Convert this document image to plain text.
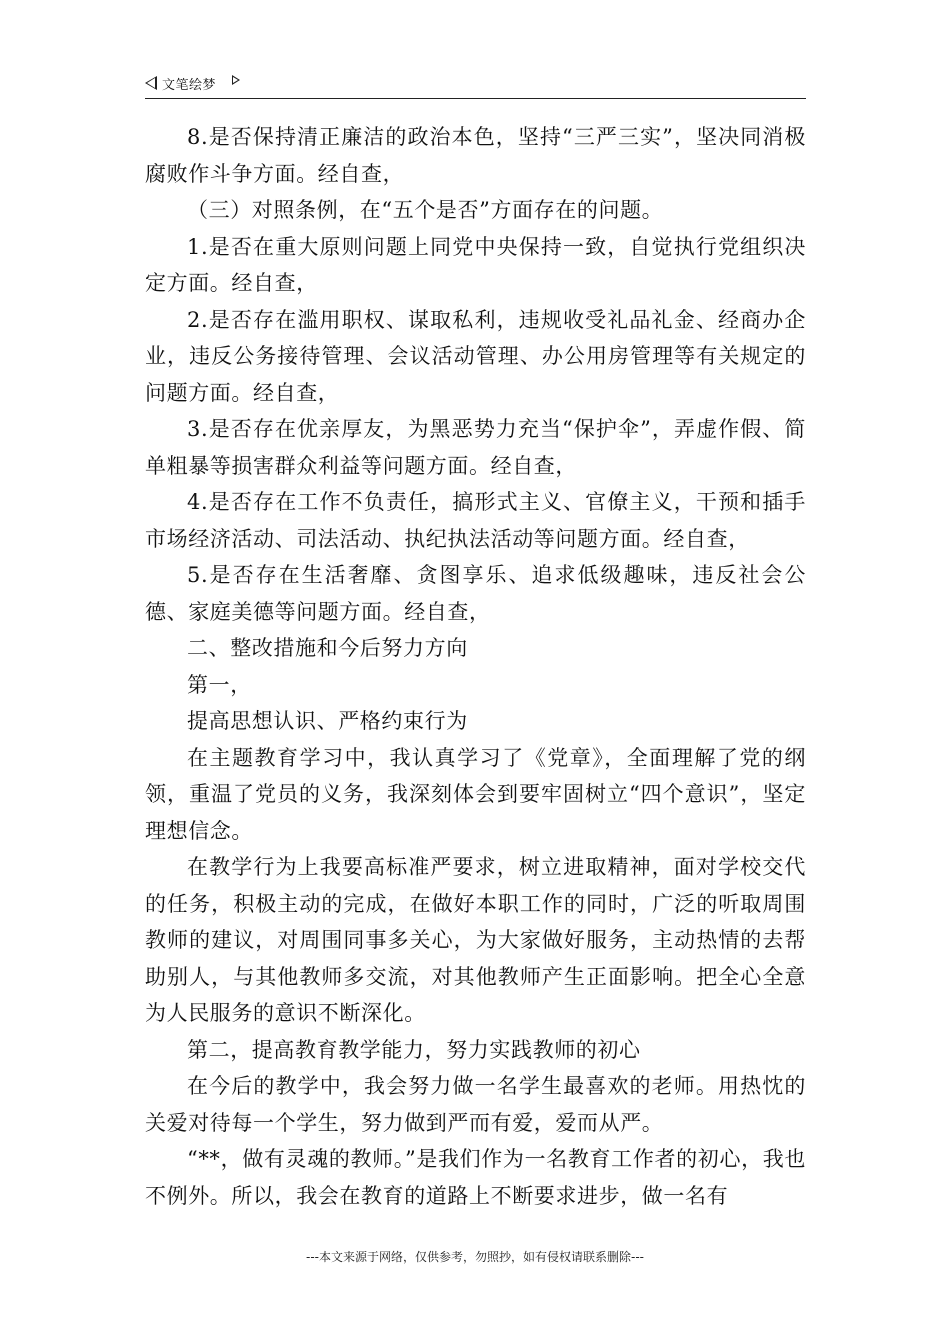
文笔绘梦

8.是否保持清正廉洁的政治本色，坚持“三严三实”，坚决同消极腐败作斗争方面。经自查，

（三）对照条例，在“五个是否”方面存在的问题。

1.是否在重大原则问题上同党中央保持一致，自觉执行党组织决定方面。经自查，

2.是否存在滥用职权、谋取私利，违规收受礼品礼金、经商办企业，违反公务接待管理、会议活动管理、办公用房管理等有关规定的问题方面。经自查，

3.是否存在优亲厚友，为黑恶势力充当“保护伞”，弄虚作假、简单粗暴等损害群众利益等问题方面。经自查，

4.是否存在工作不负责任，搞形式主义、官僚主义，干预和插手市场经济活动、司法活动、执纪执法活动等问题方面。经自查，

5.是否存在生活奢靡、贪图享乐、追求低级趣味，违反社会公德、家庭美德等问题方面。经自查，

二、整改措施和今后努力方向

第一，

提高思想认识、严格约束行为

在主题教育学习中，我认真学习了《党章》，全面理解了党的纲领，重温了党员的义务，我深刻体会到要牢固树立“四个意识”，坚定理想信念。

在教学行为上我要高标准严要求，树立进取精神，面对学校交代的任务，积极主动的完成，在做好本职工作的同时，广泛的听取周围教师的建议，对周围同事多关心，为大家做好服务，主动热情的去帮助别人，与其他教师多交流，对其他教师产生正面影响。把全心全意为人民服务的意识不断深化。

第二，提高教育教学能力，努力实践教师的初心

在今后的教学中，我会努力做一名学生最喜欢的老师。用热忱的关爱对待每一个学生，努力做到严而有爱，爱而从严。

“**，做有灵魂的教师。”是我们作为一名教育工作者的初心，我也不例外。所以，我会在教育的道路上不断要求进步，做一名有

---本文来源于网络，仅供参考，勿照抄，如有侵权请联系删除---
